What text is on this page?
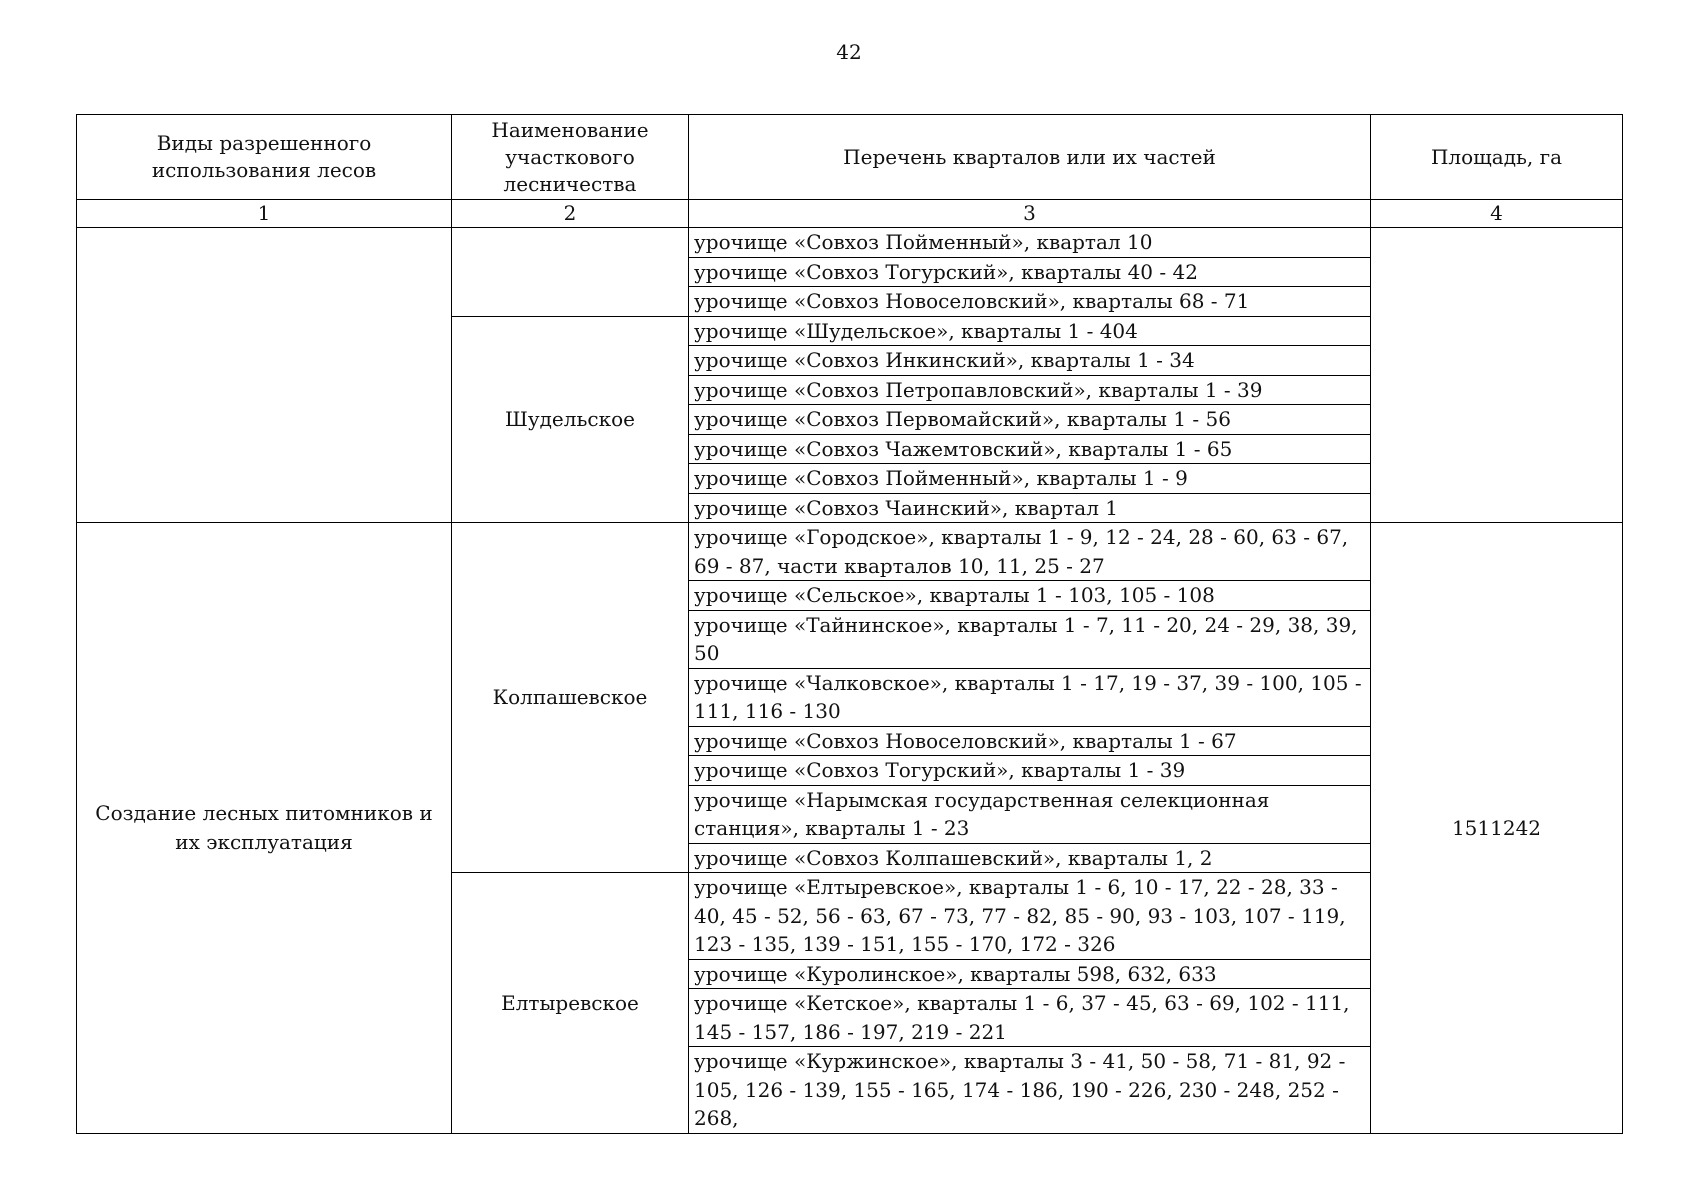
42
Виды разрешенного использования лесов	Наименование участкового лесничества	Перечень кварталов или их частей	Площадь, га
1	2	3	4
		урочище «Совхоз Пойменный», квартал 10	
		урочище «Совхоз Тогурский», кварталы 40 - 42	
		урочище «Совхоз Новоселовский», кварталы 68 - 71	
	Шудельское	урочище «Шудельское», кварталы 1 - 404	
		урочище «Совхоз Инкинский», кварталы 1 - 34	
		урочище «Совхоз Петропавловский», кварталы 1 - 39	
		урочище «Совхоз Первомайский», кварталы 1 - 56	
		урочище «Совхоз Чажемтовский», кварталы 1 - 65	
		урочище «Совхоз Пойменный», кварталы 1 - 9	
		урочище «Совхоз Чаинский», квартал 1	
Создание лесных питомников и их эксплуатация	Колпашевское	урочище «Городское», кварталы 1 - 9, 12 - 24, 28 - 60, 63 - 67, 69 - 87, части кварталов 10, 11, 25 - 27	1511242
		урочище «Сельское», кварталы 1 - 103, 105 - 108	
		урочище «Тайнинское», кварталы 1 - 7, 11 - 20, 24 - 29, 38, 39, 50	
		урочище «Чалковское», кварталы 1 - 17, 19 - 37, 39 - 100, 105 - 111, 116 - 130	
		урочище «Совхоз Новоселовский», кварталы 1 - 67	
		урочище «Совхоз Тогурский», кварталы 1 - 39	
		урочище «Нарымская государственная селекционная станция», кварталы 1 - 23	
		урочище «Совхоз Колпашевский», кварталы 1, 2	
	Елтыревское	урочище «Елтыревское», кварталы 1 - 6, 10 - 17, 22 - 28, 33 - 40, 45 - 52, 56 - 63, 67 - 73, 77 - 82, 85 - 90, 93 - 103, 107 - 119, 123 - 135, 139 - 151, 155 - 170, 172 - 326	
		урочище «Куролинское», кварталы 598, 632, 633	
		урочище «Кетское», кварталы 1 - 6, 37 - 45, 63 - 69, 102 - 111, 145 - 157, 186 - 197, 219 - 221	
		урочище «Куржинское», кварталы 3 - 41, 50 - 58, 71 - 81, 92 - 105, 126 - 139, 155 - 165, 174 - 186, 190 - 226, 230 - 248, 252 - 268,	
